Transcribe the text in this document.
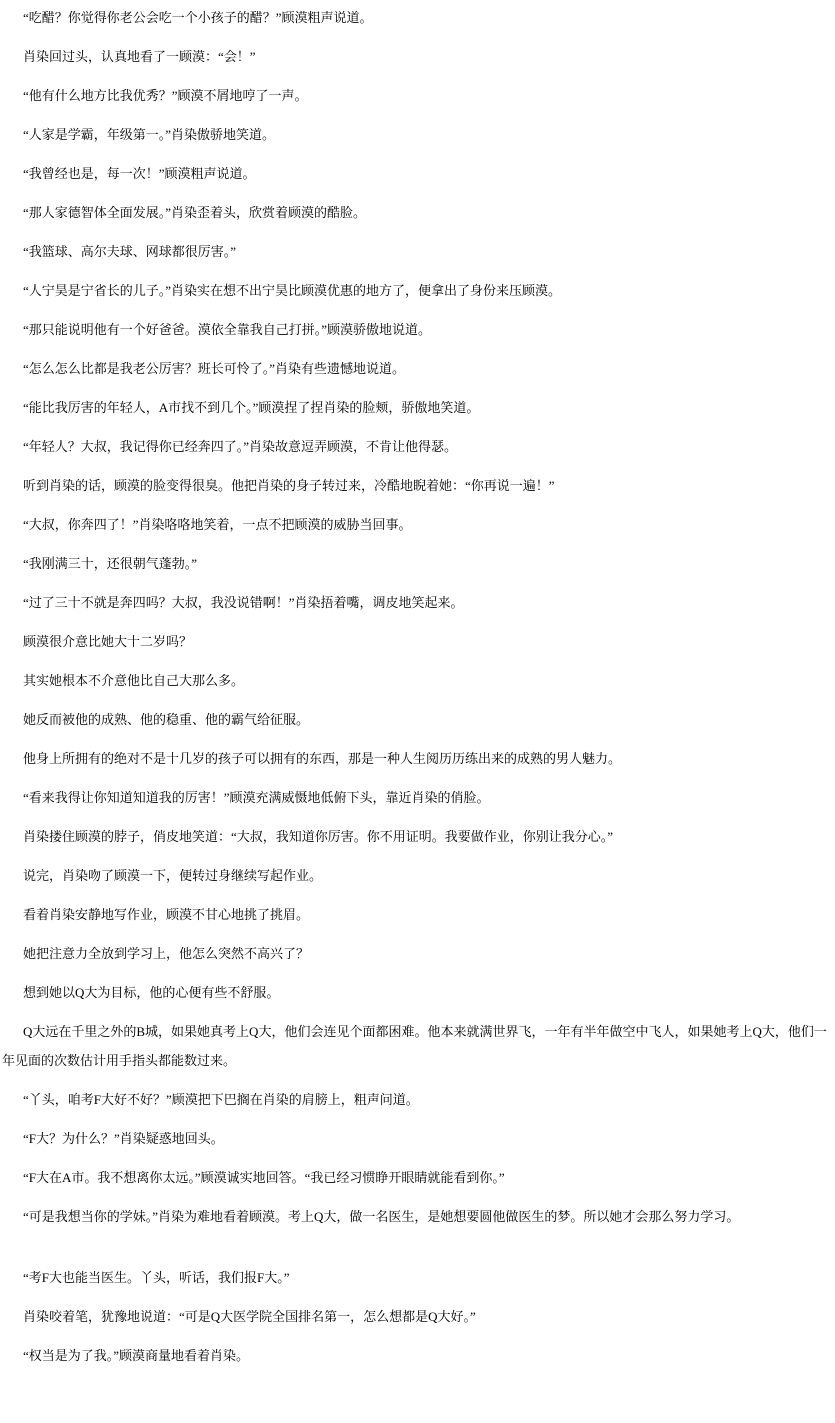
“吃醋？你觉得你老公会吃一个小孩子的醋？”顾漠粗声说道。

肖染回过头，认真地看了一顾漠：“会！”

“他有什么地方比我优秀？”顾漠不屑地哼了一声。

“人家是学霸，年级第一。”肖染傲骄地笑道。

“我曾经也是，每一次！”顾漠粗声说道。

“那人家德智体全面发展。”肖染歪着头，欣赏着顾漠的酷脸。

“我篮球、高尔夫球、网球都很厉害。”

“人宁昊是宁省长的儿子。”肖染实在想不出宁昊比顾漠优惠的地方了，便拿出了身份来压顾漠。

“那只能说明他有一个好爸爸。漠依全靠我自己打拼。”顾漠骄傲地说道。

“怎么怎么比都是我老公厉害？班长可怜了。”肖染有些遗憾地说道。

“能比我厉害的年轻人，A市找不到几个。”顾漠捏了捏肖染的脸颊，骄傲地笑道。

“年轻人？大叔，我记得你已经奔四了。”肖染故意逗弄顾漠，不肯让他得瑟。

听到肖染的话，顾漠的脸变得很臭。他把肖染的身子转过来，冷酷地睨着她：“你再说一遍！”

“大叔，你奔四了！”肖染咯咯地笑着，一点不把顾漠的威胁当回事。

“我刚满三十，还很朝气蓬勃。”

“过了三十不就是奔四吗？大叔，我没说错啊！”肖染捂着嘴，调皮地笑起来。

顾漠很介意比她大十二岁吗？

其实她根本不介意他比自己大那么多。

她反而被他的成熟、他的稳重、他的霸气给征服。

他身上所拥有的绝对不是十几岁的孩子可以拥有的东西，那是一种人生阅历历练出来的成熟的男人魅力。

“看来我得让你知道知道我的厉害！”顾漠充满威慑地低俯下头，靠近肖染的俏脸。

肖染搂住顾漠的脖子，俏皮地笑道：“大叔，我知道你厉害。你不用证明。我要做作业，你别让我分心。”

说完，肖染吻了顾漠一下，便转过身继续写起作业。

看着肖染安静地写作业，顾漠不甘心地挑了挑眉。

她把注意力全放到学习上，他怎么突然不高兴了？

想到她以Q大为目标，他的心便有些不舒服。

Q大远在千里之外的B城，如果她真考上Q大，他们会连见个面都困难。他本来就满世界飞，一年有半年做空中飞人，如果她考上Q大，他们一年见面的次数估计用手指头都能数过来。

“丫头，咱考F大好不好？”顾漠把下巴搁在肖染的肩膀上，粗声问道。

“F大？为什么？”肖染疑惑地回头。

“F大在A市。我不想离你太远。”顾漠诚实地回答。“我已经习惯睁开眼睛就能看到你。”

“可是我想当你的学妹。”肖染为难地看着顾漠。考上Q大，做一名医生，是她想要圆他做医生的梦。所以她才会那么努力学习。

“考F大也能当医生。丫头，听话，我们报F大。”

肖染咬着笔，犹豫地说道：“可是Q大医学院全国排名第一，怎么想都是Q大好。”

“权当是为了我。”顾漠商量地看着肖染。
